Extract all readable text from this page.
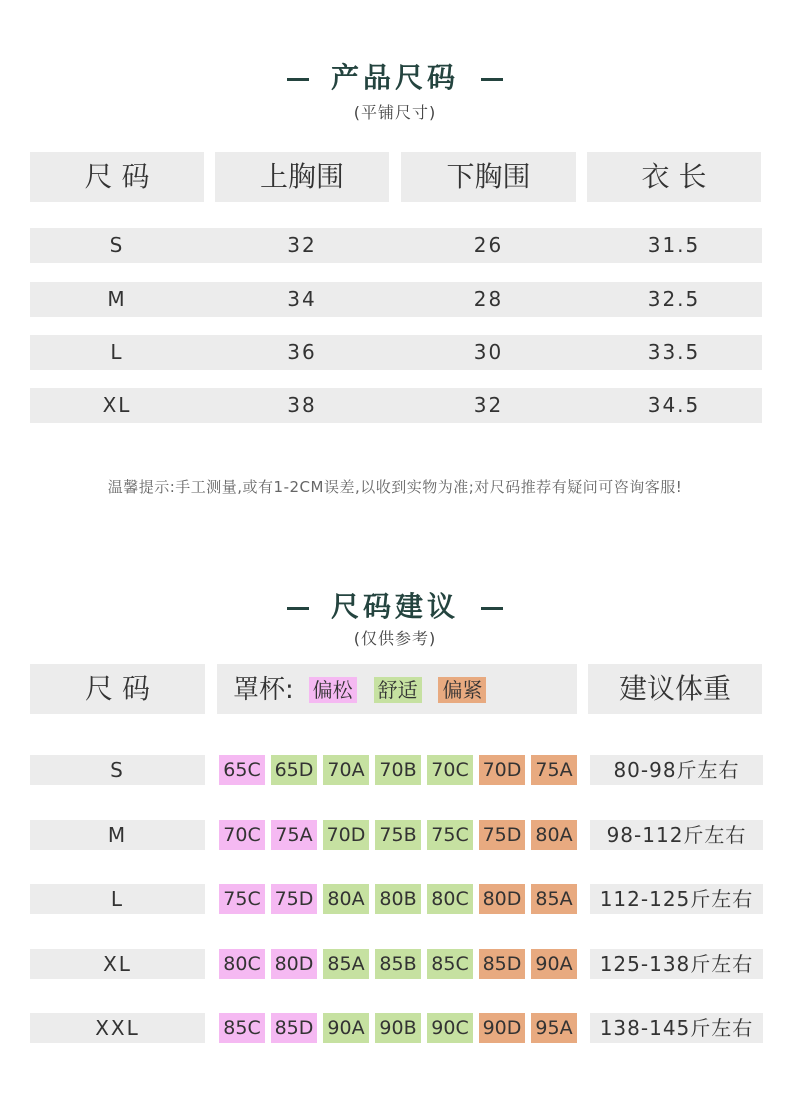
产品尺码
(平铺尺寸)
尺 码	上胸围	下胸围	衣 长
S	32	26	31.5
M	34	28	32.5
L	36	30	33.5
XL	38	32	34.5
温馨提示:手工测量,或有1-2CM误差,以收到实物为准;对尺码推荐有疑问可咨询客服!
尺码建议
(仅供参考)
尺 码	罩杯: 偏松 舒适 偏紧	建议体重
S	65C 65D 70A 70B 70C 70D 75A	80-98斤左右
M	70C 75A 70D 75B 75C 75D 80A	98-112斤左右
L	75C 75D 80A 80B 80C 80D 85A	112-125斤左右
XL	80C 80D 85A 85B 85C 85D 90A	125-138斤左右
XXL	85C 85D 90A 90B 90C 90D 95A	138-145斤左右
